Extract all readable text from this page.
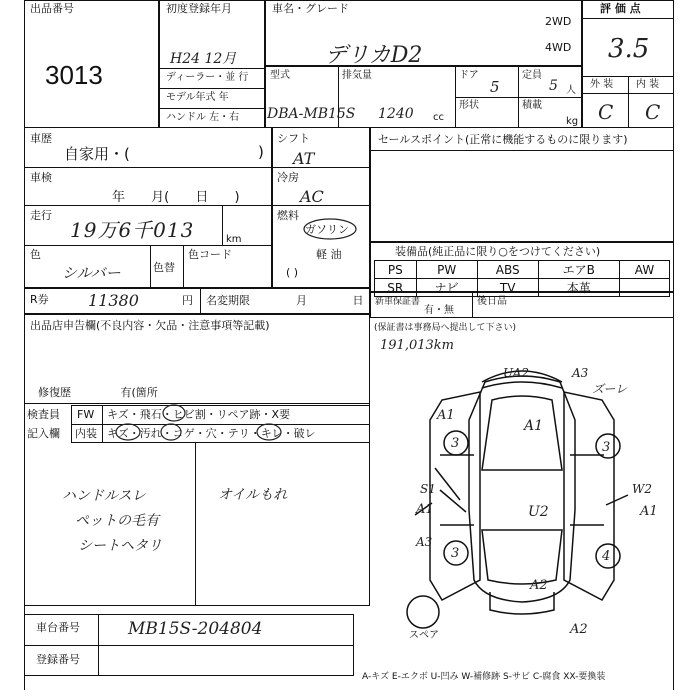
出品番号
3013
初度登録年月
H24 12月
ディーラー・並 行
モデル年式 年
ハンドル 左・右
車名・グレード
デリカD2
2WD
4WD
型式
DBA-MB15S
排気量
1240 cc
ドア
5
定員
5 人
形状	積載
kg
評 価 点
3.5
外 装 内 装
C C
車歴
自家用・(	)
車検
年 月( 日 )
走行
19万6千013	km
色
シルバー	色替
色コード
R券 11380	円 名変期限	月 日
出品店申告欄(不良内容・欠品・注意事項等記載)
修復歴 有(箇所
検査員
記入欄
FW キズ・飛石・ヒビ割・リペア跡・X要
内装 キズ・汚れ・コゲ・穴・テリ・キレ・破レ
ハンドルスレ
ペットの毛有
シートヘタリ
オイルもれ
車台番号	MB15S-204804
登録番号
シフト
AT
冷房
AC
燃料
ガソリン
軽 油
( )
セールスポイント(正常に機能するものに限ります)
装備品(純正品に限り○をつけてください)
PS	PW	ABS	エアB	AW
SR	ナビ	TV	本革	
新車保証書
有・無
後日品
(保証書は事務局へ提出して下さい)
191,013km
UA2	A3
ズーレ
A1
A1
3	3
S1
A1
A3
U2
W2
A1
3	4
A2
A2
スペア
A-キズ E-エクボ U-凹み W-補修跡 S-サビ C-腐食 XX-要換装
